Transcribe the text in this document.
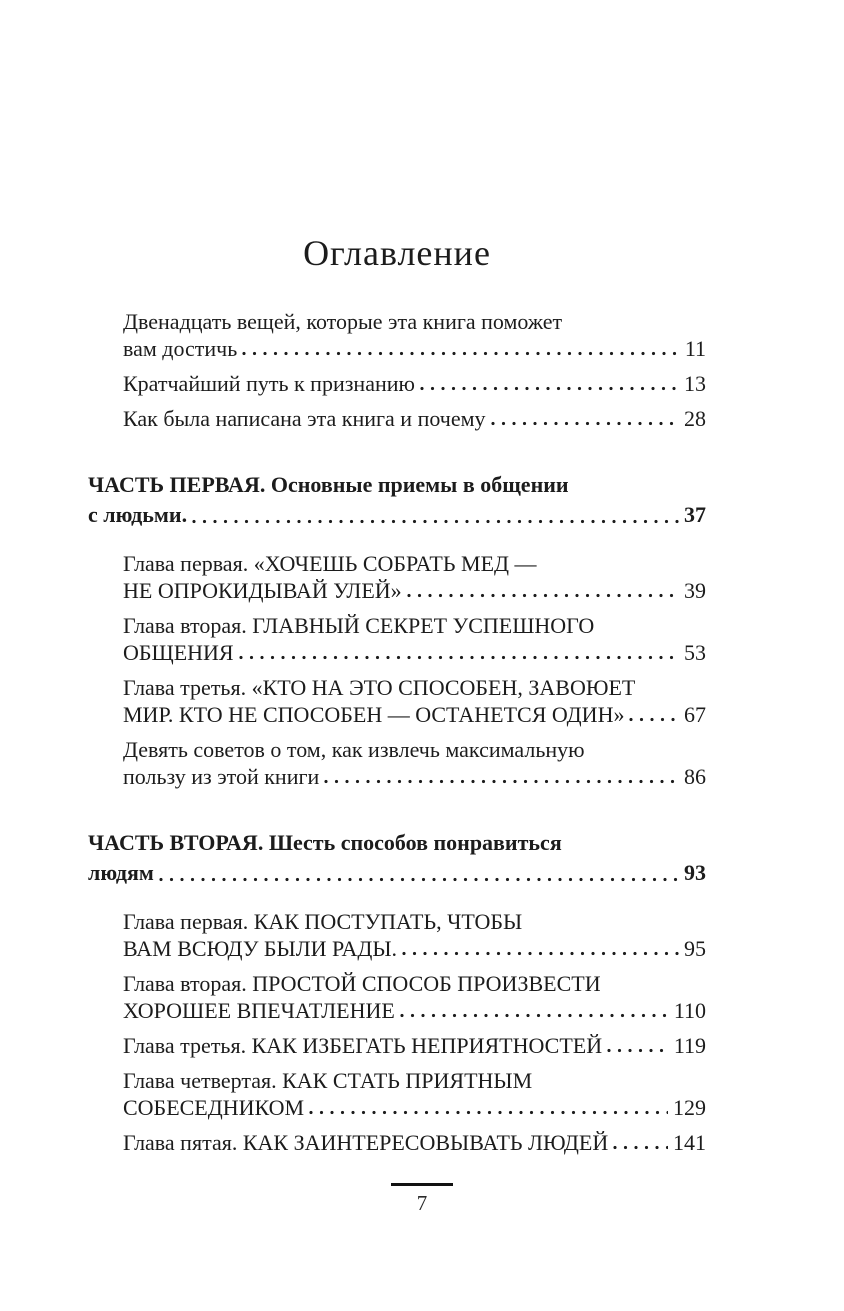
Оглавление
Двенадцать вещей, которые эта книга поможет
вам достичь	11
Кратчайший путь к признанию	13
Как была написана эта книга и почему	28
ЧАСТЬ ПЕРВАЯ. Основные приемы в общении
с людьми.	37
Глава первая. «ХОЧЕШЬ СОБРАТЬ МЕД —
НЕ ОПРОКИДЫВАЙ УЛЕЙ»	39
Глава вторая. ГЛАВНЫЙ СЕКРЕТ УСПЕШНОГО
ОБЩЕНИЯ	53
Глава третья. «КТО НА ЭТО СПОСОБЕН, ЗАВОЮЕТ
МИР. КТО НЕ СПОСОБЕН — ОСТАНЕТСЯ ОДИН»	67
Девять советов о том, как извлечь максимальную
пользу из этой книги	86
ЧАСТЬ ВТОРАЯ. Шесть способов понравиться
людям	93
Глава первая. КАК ПОСТУПАТЬ, ЧТОБЫ
ВАМ ВСЮДУ БЫЛИ РАДЫ.	95
Глава вторая. ПРОСТОЙ СПОСОБ ПРОИЗВЕСТИ
ХОРОШЕЕ ВПЕЧАТЛЕНИЕ	110
Глава третья. КАК ИЗБЕГАТЬ НЕПРИЯТНОСТЕЙ	119
Глава четвертая. КАК СТАТЬ ПРИЯТНЫМ
СОБЕСЕДНИКОМ	129
Глава пятая. КАК ЗАИНТЕРЕСОВЫВАТЬ ЛЮДЕЙ	141
7
